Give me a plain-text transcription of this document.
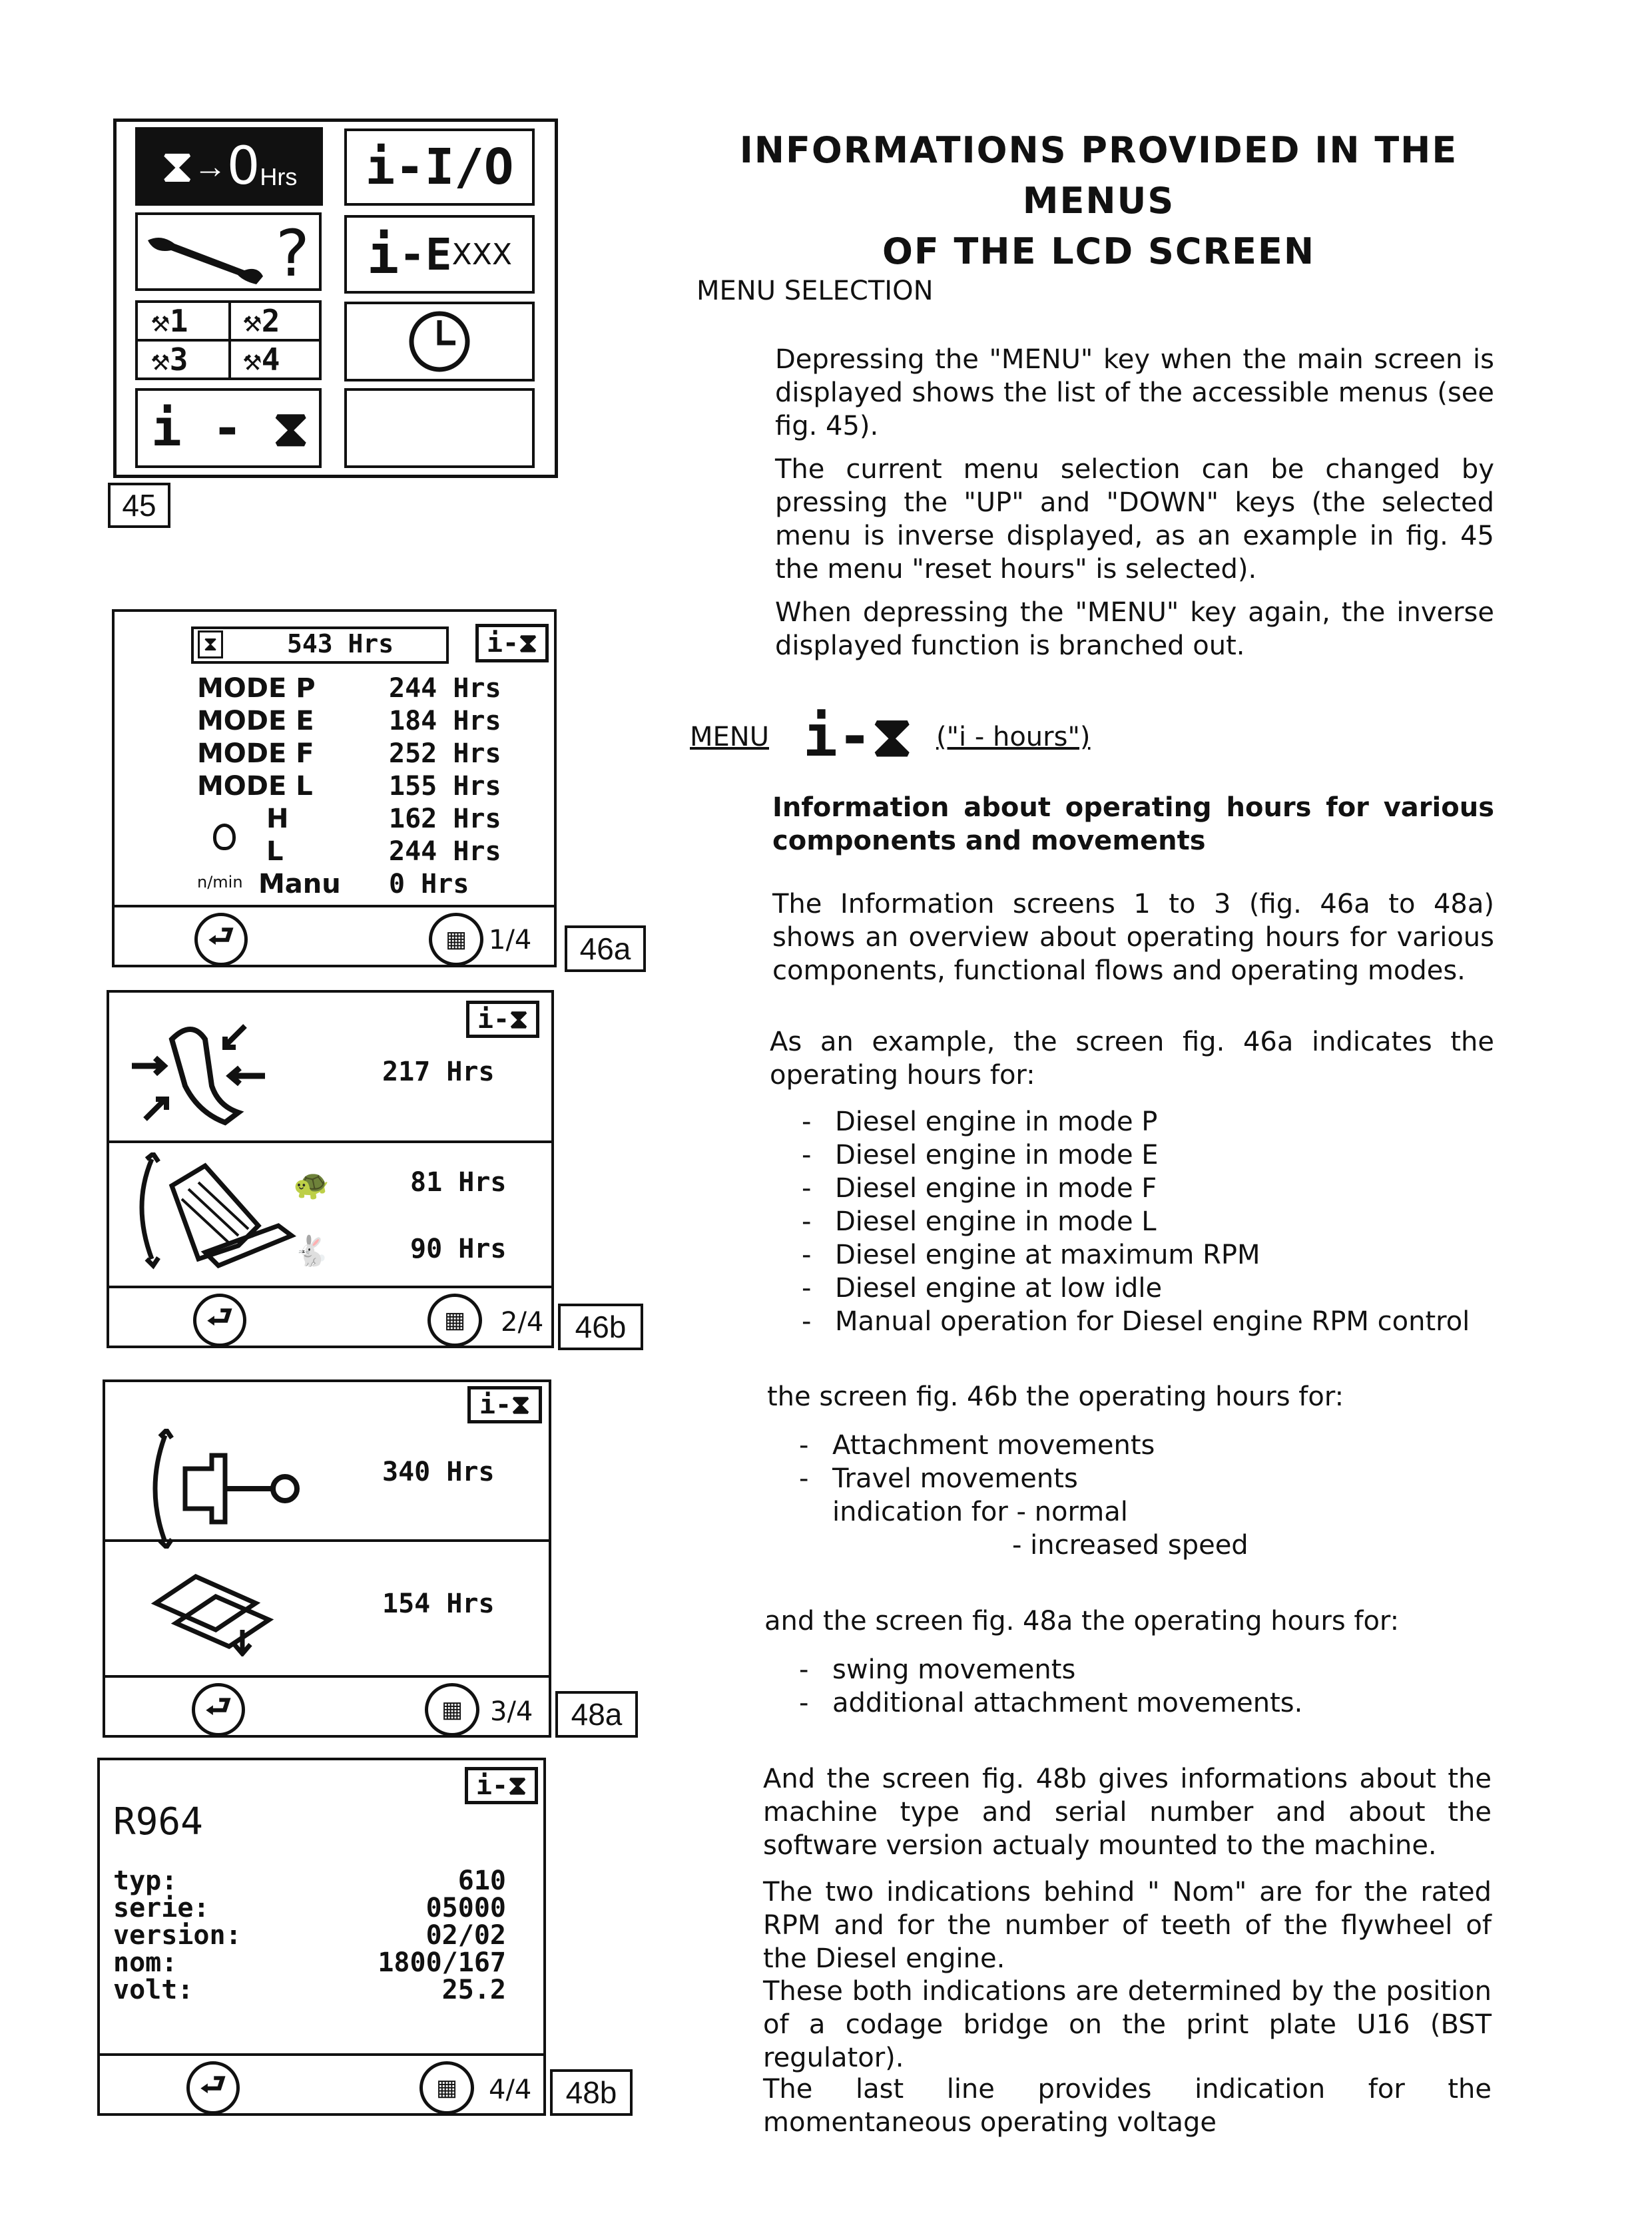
⧗ → 0 Hrs i-I/O
? i -E XXX
⚒1 ⚒2
⚒3 ⚒4
i - ⧗
45
⧗	543 Hrs	i-⧗
MODE P	244 Hrs
MODE E	184 Hrs
MODE F	252 Hrs
MODE L	155 Hrs
H	162 Hrs
L	244 Hrs
n/min Manu 0 Hrs
⮐	▦ 1/4	46a
i-⧗
217 Hrs
🐢	81 Hrs
🐇	90 Hrs
⮐	▦	2/4	46b
i-⧗
340 Hrs
154 Hrs
⮐	▦	3/4	48a
i-⧗
R964
typ:	610
serie:	05000
version:	02/02
nom:	1800/167
volt:	25.2
⮐	▦	4/4	48b
INFORMATIONS PROVIDED IN THE MENUS
OF THE LCD SCREEN
MENU SELECTION
Depressing the "MENU" key when the main screen is displayed shows the list of the accessible menus (see fig. 45).
The current menu selection can be changed by pressing the "UP" and "DOWN" keys (the selected menu is inverse displayed, as an example in fig. 45 the menu "reset hours" is selected).
When depressing the "MENU" key again, the inverse displayed function is branched out.
MENU i-⧗ ("i - hours")
Information about operating hours for various components and movements
The Information screens 1 to 3 (fig. 46a to 48a) shows an overview about operating hours for various components, functional flows and operating modes.
As an example, the screen fig. 46a indicates the operating hours for:
- Diesel engine in mode P
- Diesel engine in mode E
- Diesel engine in mode F
- Diesel engine in mode L
- Diesel engine at maximum RPM
- Diesel engine at low idle
- Manual operation for Diesel engine RPM control
the screen fig. 46b the operating hours for:
- Attachment movements
- Travel movements
indication for - normal
- increased speed
and the screen fig. 48a the operating hours for:
- swing movements
- additional attachment movements.
And the screen fig. 48b gives informations about the machine type and serial number and about the software version actualy mounted to the machine.
The two indications behind " Nom" are for the rated RPM and for the number of teeth of the flywheel of the Diesel engine.
These both indications are determined by the position of a codage bridge on the print plate U16 (BST regulator).
The last line provides indication for the momentaneous operating voltage
